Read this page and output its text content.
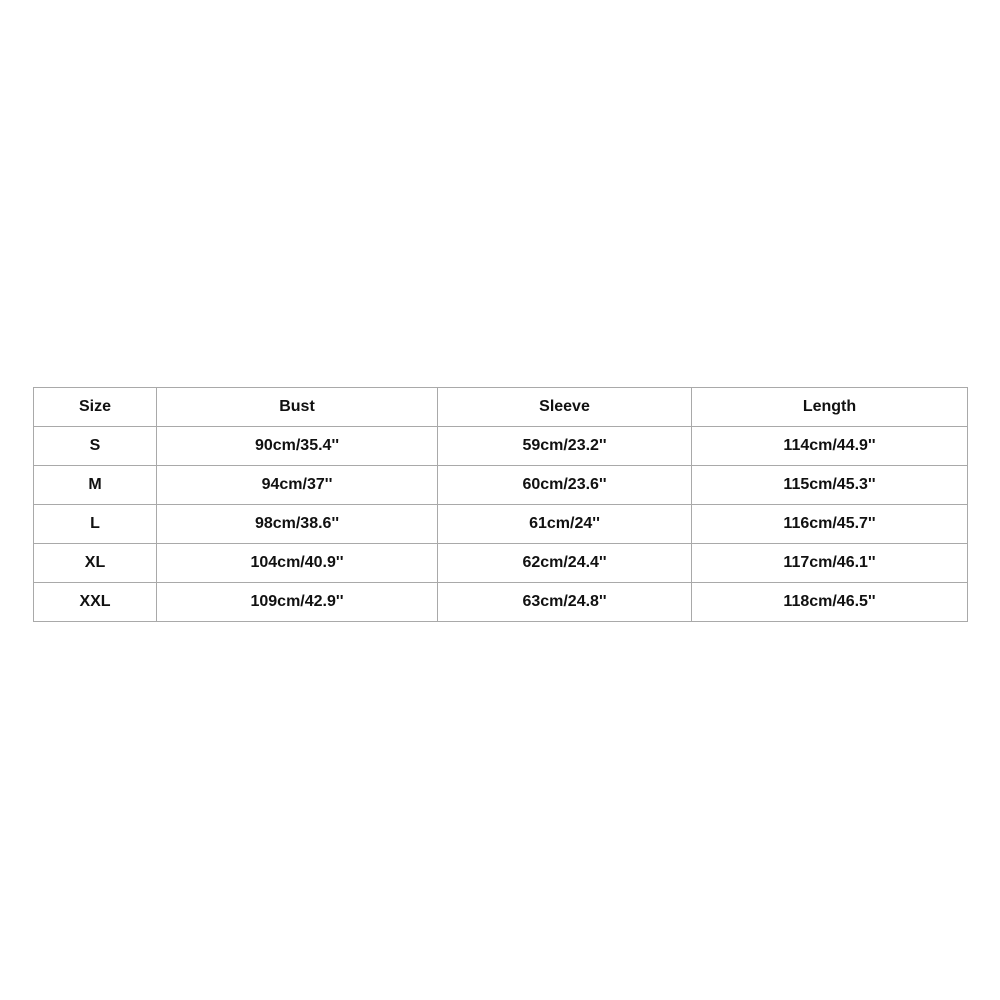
Size	Bust	Sleeve	Length
S	90cm/35.4''	59cm/23.2''	114cm/44.9''
M	94cm/37''	60cm/23.6''	115cm/45.3''
L	98cm/38.6''	61cm/24''	116cm/45.7''
XL	104cm/40.9''	62cm/24.4''	117cm/46.1''
XXL	109cm/42.9''	63cm/24.8''	118cm/46.5''
